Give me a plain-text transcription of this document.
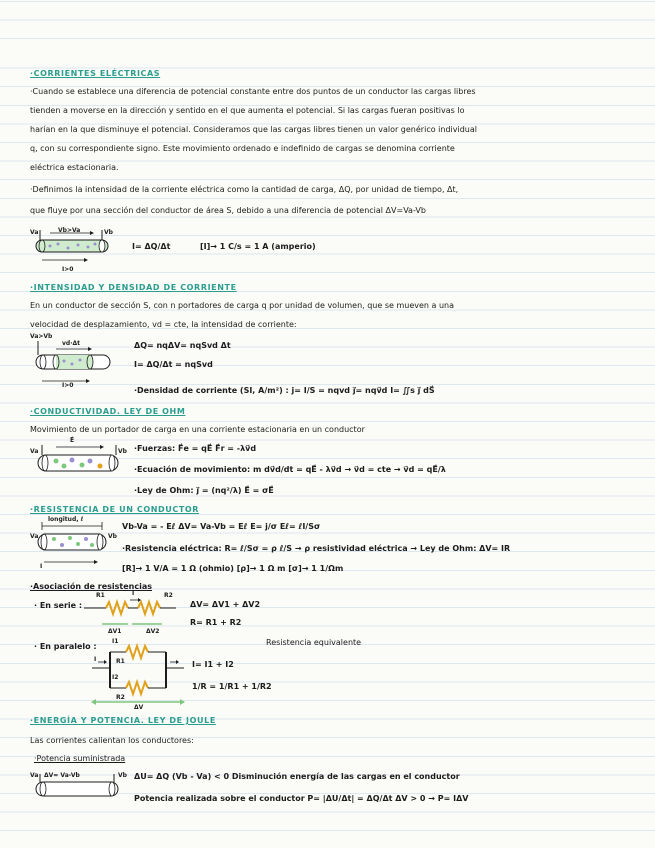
·CORRIENTES ELÉCTRICAS
·Cuando se establece una diferencia de potencial constante entre dos puntos de un conductor las cargas libres
tienden a moverse en la dirección y sentido en el que aumenta el potencial. Si las cargas fueran positivas lo
harían en la que disminuye el potencial. Consideramos que las cargas libres tienen un valor genérico individual
q, con su correspondiente signo. Este movimiento ordenado e indefinido de cargas se denomina corriente
eléctrica estacionaria.
·Definimos la intensidad de la corriente eléctrica como la cantidad de carga, ΔQ, por unidad de tiempo, Δt,
que fluye por una sección del conductor de área S, debido a una diferencia de potencial ΔV=Va-Vb
Va	Vb
Vb>Va
I>0
I= ΔQ/Δt	[I]→ 1 C/s = 1 A (amperio)
·INTENSIDAD Y DENSIDAD DE CORRIENTE
En un conductor de sección S, con n portadores de carga q por unidad de volumen, que se mueven a una
velocidad de desplazamiento, vd = cte, la intensidad de corriente:
Va>Vb
vd·Δt
I>0
ΔQ= nqΔV= nqSvd Δt
I= ΔQ/Δt = nqSvd
·Densidad de corriente (SI, A/m²) : j= I/S = nqvd j⃗= nqv⃗d I= ∬s j⃗ dS⃗
·CONDUCTIVIDAD. LEY DE OHM
Movimiento de un portador de carga en una corriente estacionaria en un conductor
Va	Vb
E⃗
·Fuerzas: F⃗e = qE⃗ F⃗r = -λv⃗d
·Ecuación de movimiento: m dv⃗d/dt = qE⃗ - λv⃗d → v⃗d = cte → v⃗d = qE⃗/λ
·Ley de Ohm: j⃗ = (nq²/λ) E⃗ = σE⃗
·RESISTENCIA DE UN CONDUCTOR
longitud, ℓ
Va	Vb
I
Vb-Va = - Eℓ ΔV= Va-Vb = Eℓ E= j/σ Eℓ= ℓI/Sσ
·Resistencia eléctrica: R= ℓ/Sσ = ρ ℓ/S → ρ resistividad eléctrica → Ley de Ohm: ΔV= IR
[R]→ 1 V/A = 1 Ω (ohmio) [ρ]→ 1 Ω m [σ]→ 1 1/Ωm
·Asociación de resistencias
· En serie :
R1	R2
I
ΔV1	ΔV2
ΔV= ΔV1 + ΔV2
R= R1 + R2
· En paralelo :	Resistencia equivalente
I1
I2
I	R1
R2
ΔV
I= I1 + I2
1/R = 1/R1 + 1/R2
·ENERGÍA Y POTENCIA. LEY DE JOULE
Las corrientes calientan los conductores:
·Potencia suministrada
Va	Vb
ΔV= Va-Vb	ΔU= ΔQ (Vb - Va) < 0 Disminución energía de las cargas en el conductor
Potencia realizada sobre el conductor P= |ΔU/Δt| = ΔQ/Δt ΔV > 0 → P= IΔV
